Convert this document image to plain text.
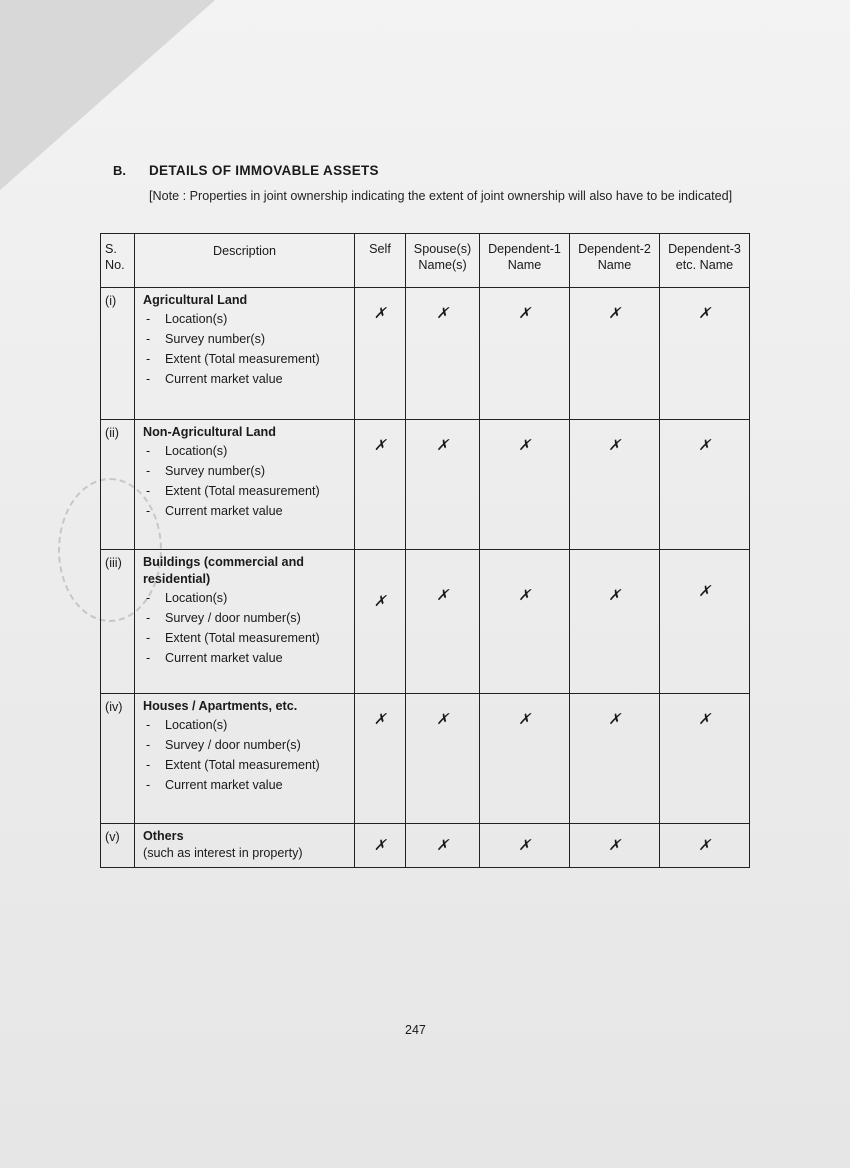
B. DETAILS OF IMMOVABLE ASSETS
[Note : Properties in joint ownership indicating the extent of joint ownership will also have to be indicated]
S. No.	Description	Self	Spouse(s) Name(s)	Dependent-1 Name	Dependent-2 Name	Dependent-3 etc. Name
(i)	Agricultural Land
- Location(s)
- Survey number(s)
- Extent (Total measurement)
- Current market value	✗	✗	✗	✗	✗
(ii)	Non-Agricultural Land
- Location(s)
- Survey number(s)
- Extent (Total measurement)
- Current market value	✗	✗	✗	✗	✗
(iii)	Buildings (commercial and residential)
- Location(s)
- Survey / door number(s)
- Extent (Total measurement)
- Current market value	✗	✗	✗	✗	✗
(iv)	Houses / Apartments, etc.
- Location(s)
- Survey / door number(s)
- Extent (Total measurement)
- Current market value	✗	✗	✗	✗	✗
(v)	Others
(such as interest in property)	✗	✗	✗	✗	✗
247
